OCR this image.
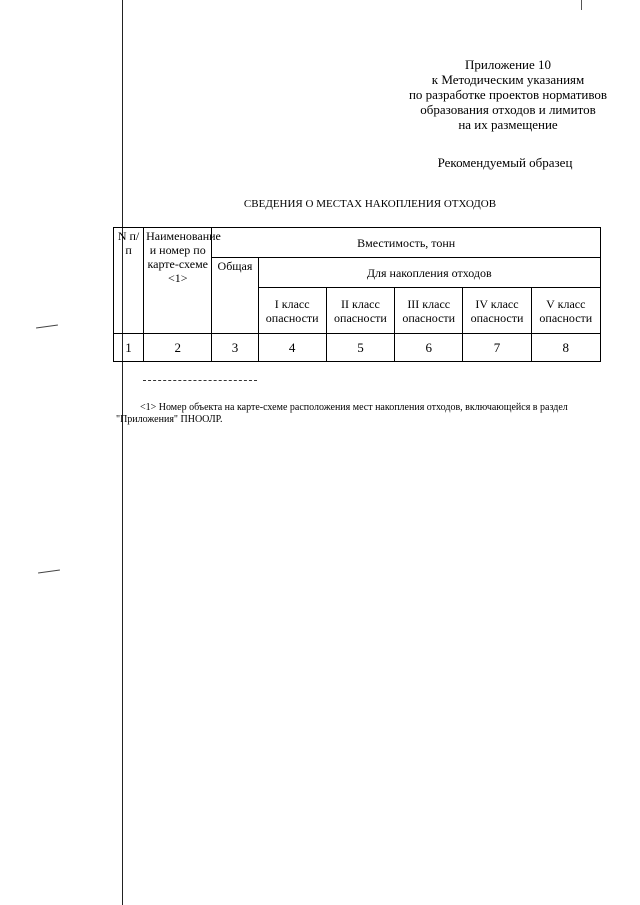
Приложение 10
к Методическим указаниям
по разработке проектов нормативов
образования отходов и лимитов
на их размещение
Рекомендуемый образец
СВЕДЕНИЯ О МЕСТАХ НАКОПЛЕНИЯ ОТХОДОВ
N п/п	Наименование и номер по карте-схеме <1>	Вместимость, тонн					
		Общая	Для накопления отходов				
			I класс опасности	II класс опасности	III класс опасности	IV класс опасности	V класс опасности
1	2	3	4	5	6	7	8
<1> Номер объекта на карте-схеме расположения мест накопления отходов, включающейся в раздел
"Приложения" ПНООЛР.
